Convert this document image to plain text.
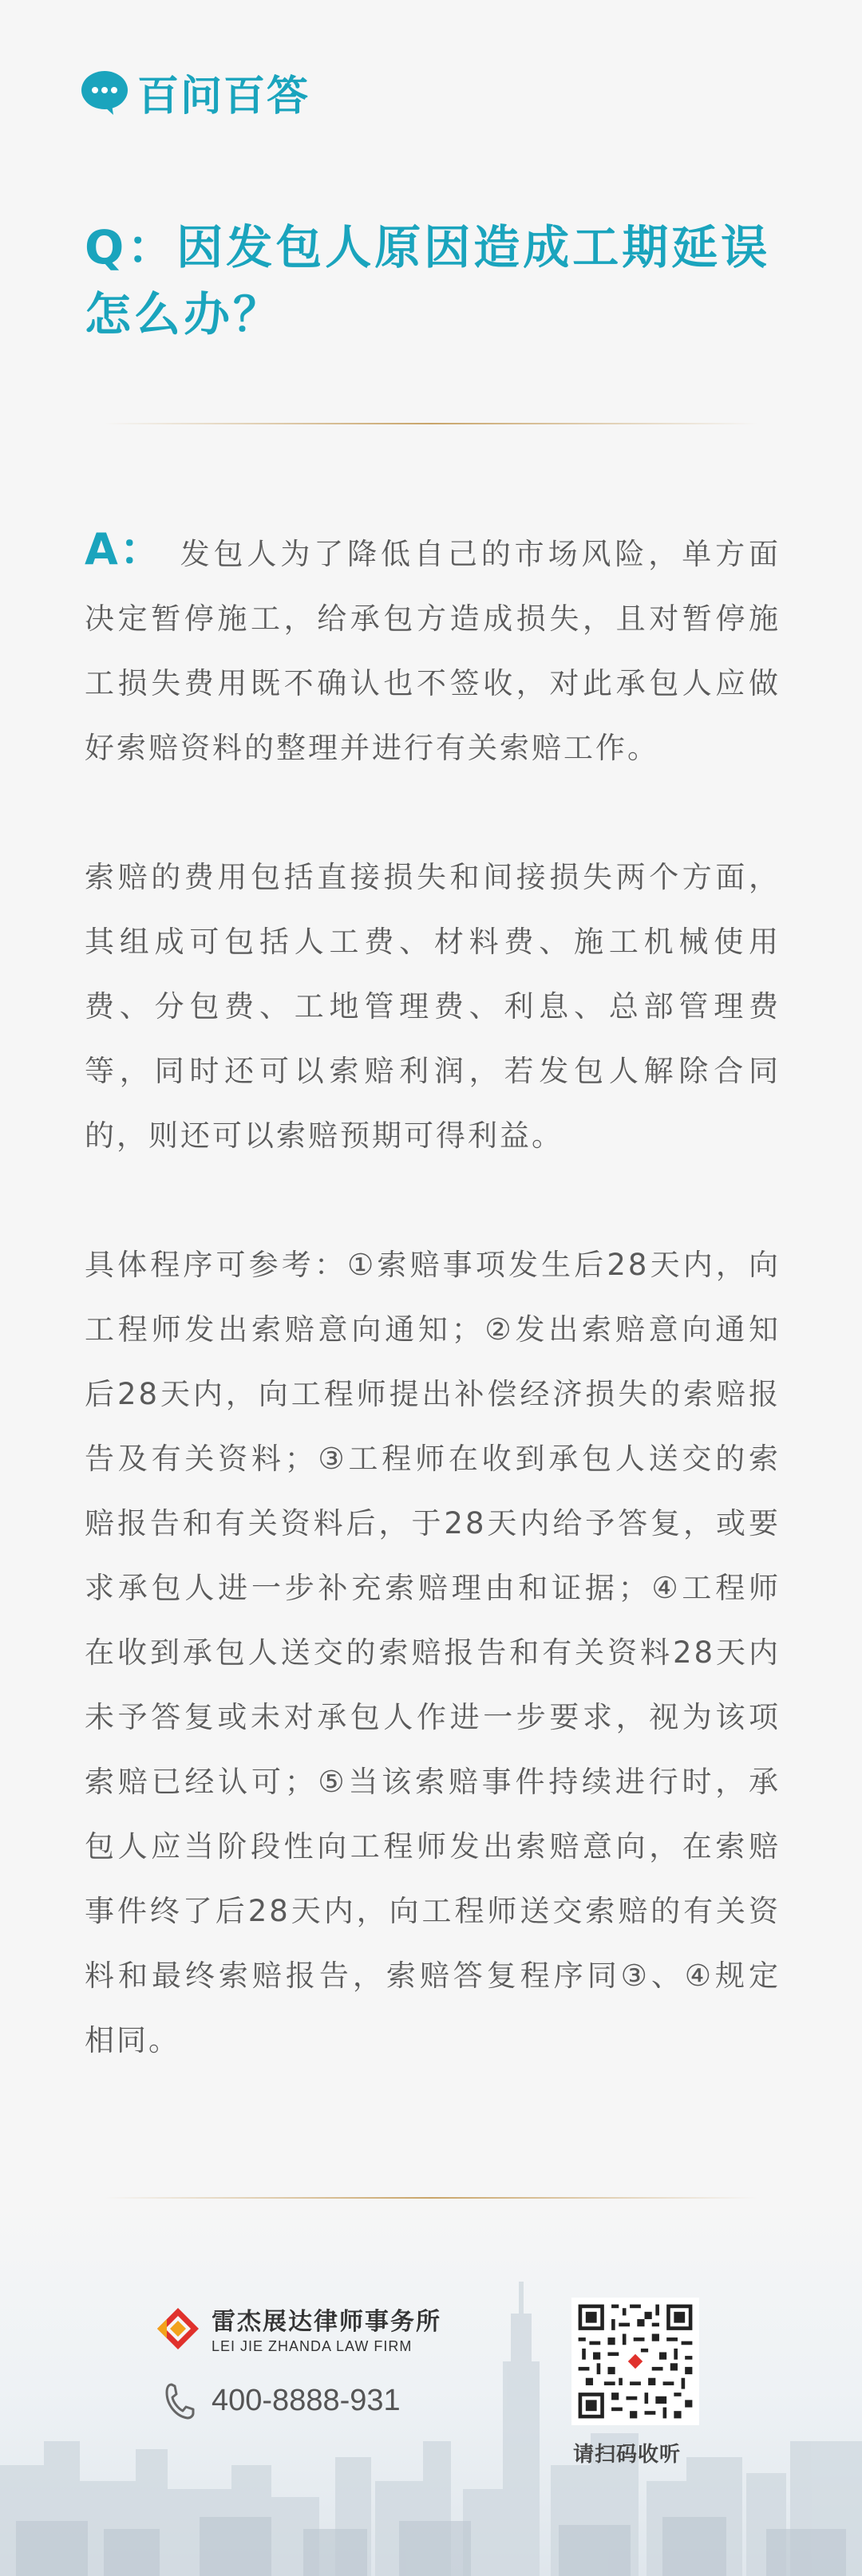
百问百答
Q：因发包人原因造成工期延误怎么办？

A： 发包人为了降低自己的市场风险，单方面决定暂停施工，给承包方造成损失，且对暂停施工损失费用既不确认也不签收，对此承包人应做好索赔资料的整理并进行有关索赔工作。

索赔的费用包括直接损失和间接损失两个方面，其组成可包括人工费、材料费、施工机械使用费、分包费、工地管理费、利息、总部管理费等，同时还可以索赔利润，若发包人解除合同的，则还可以索赔预期可得利益。

具体程序可参考：①索赔事项发生后28天内，向工程师发出索赔意向通知；②发出索赔意向通知后28天内，向工程师提出补偿经济损失的索赔报告及有关资料；③工程师在收到承包人送交的索赔报告和有关资料后，于28天内给予答复，或要求承包人进一步补充索赔理由和证据；④工程师在收到承包人送交的索赔报告和有关资料28天内未予答复或未对承包人作进一步要求，视为该项索赔已经认可；⑤当该索赔事件持续进行时，承包人应当阶段性向工程师发出索赔意向，在索赔事件终了后28天内，向工程师送交索赔的有关资料和最终索赔报告，索赔答复程序同③、④规定相同。

雷杰展达律师事务所
LEI JIE ZHANDA LAW FIRM
400-8888-931
请扫码收听
